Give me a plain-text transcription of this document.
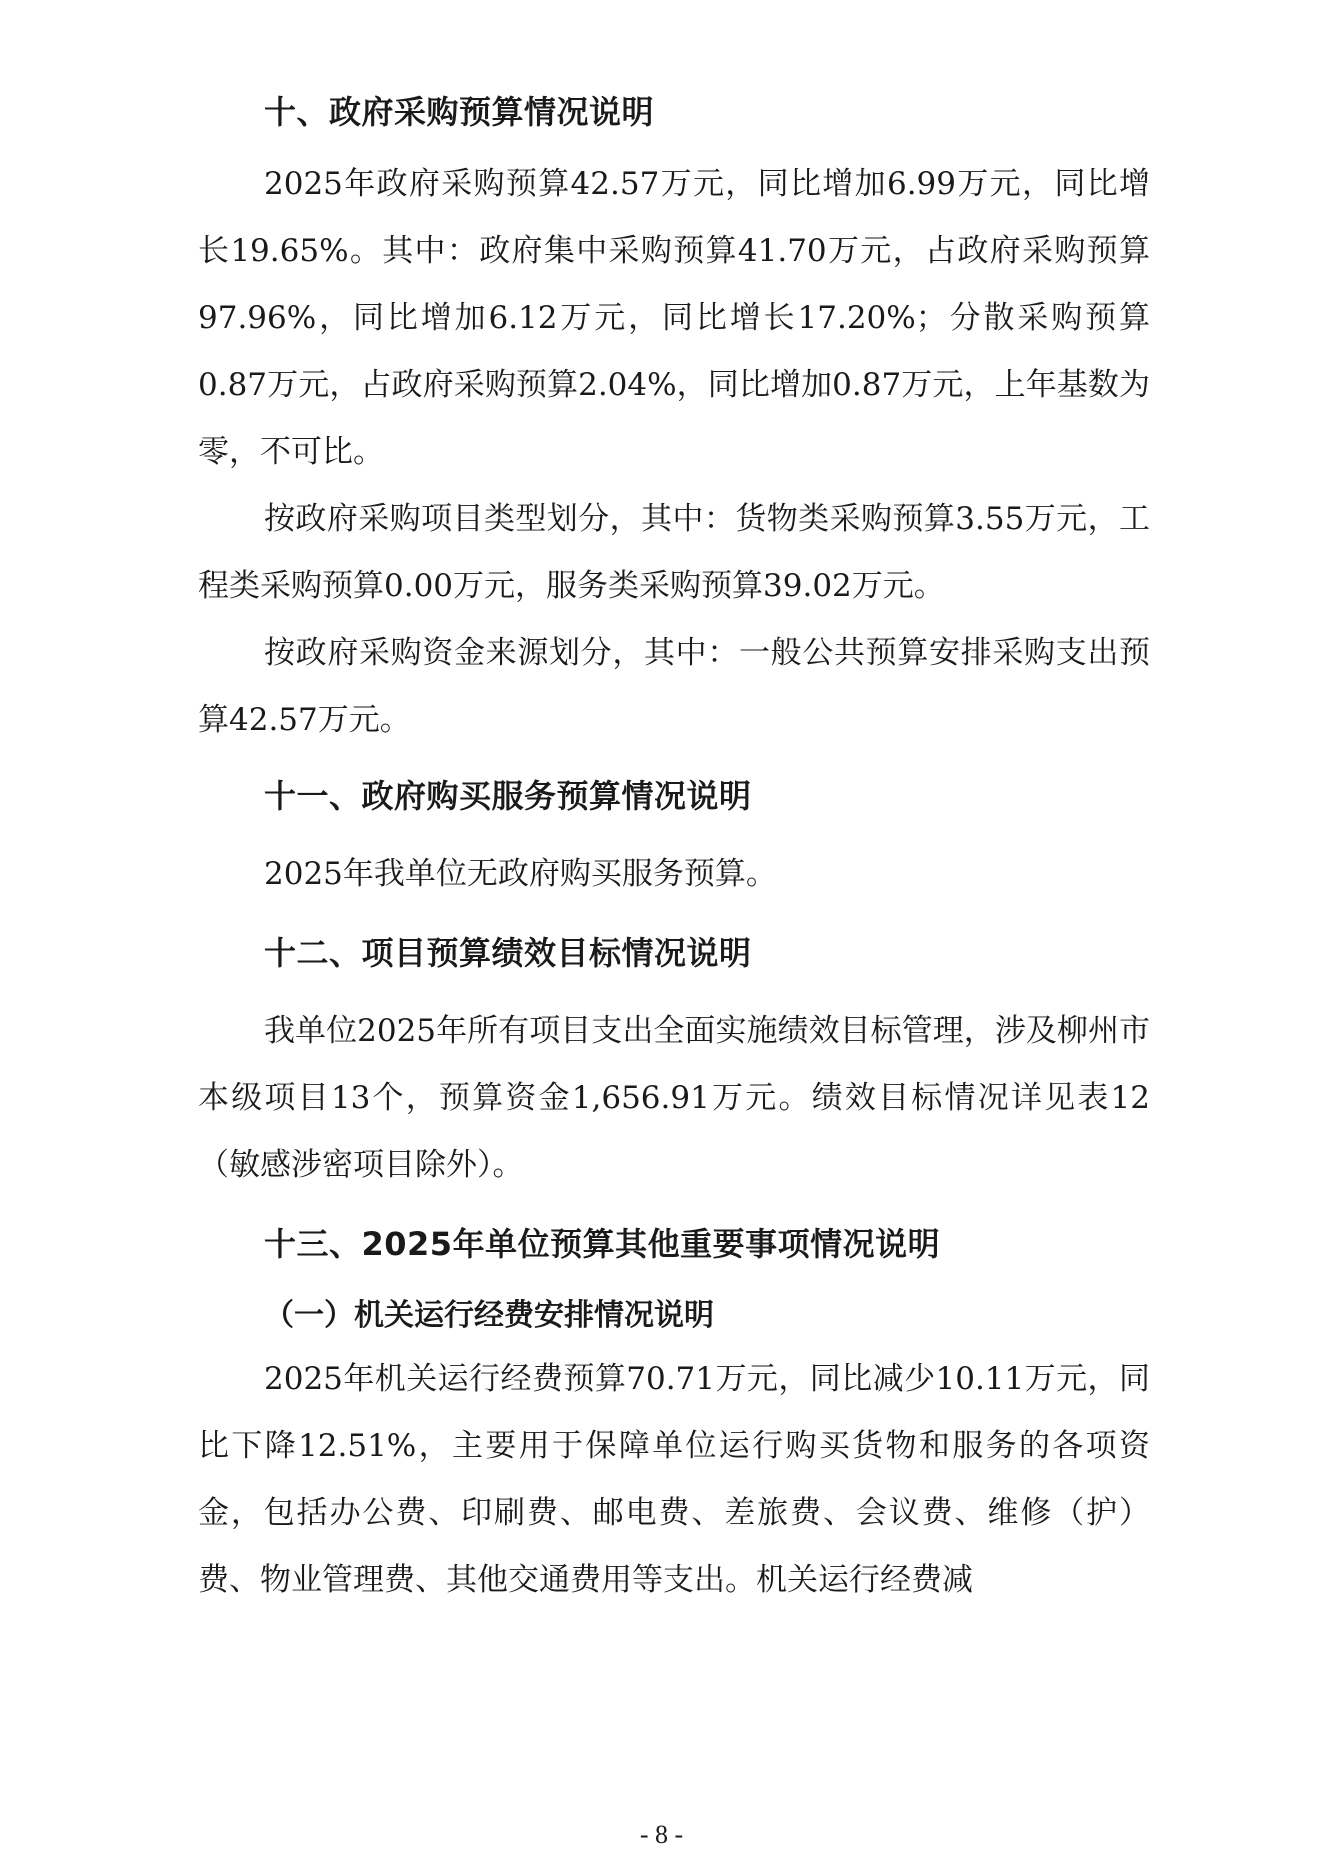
十、政府采购预算情况说明

2025年政府采购预算42.57万元，同比增加6.99万元，同比增长19.65%。其中：政府集中采购预算41.70万元，占政府采购预算97.96%，同比增加6.12万元，同比增长17.20%；分散采购预算0.87万元，占政府采购预算2.04%，同比增加0.87万元，上年基数为零，不可比。

按政府采购项目类型划分，其中：货物类采购预算3.55万元，工程类采购预算0.00万元，服务类采购预算39.02万元。

按政府采购资金来源划分，其中：一般公共预算安排采购支出预算42.57万元。

十一、政府购买服务预算情况说明

2025年我单位无政府购买服务预算。

十二、项目预算绩效目标情况说明

我单位2025年所有项目支出全面实施绩效目标管理，涉及柳州市本级项目13个，预算资金1,656.91万元。绩效目标情况详见表12（敏感涉密项目除外）。

十三、2025年单位预算其他重要事项情况说明
（一）机关运行经费安排情况说明

2025年机关运行经费预算70.71万元，同比减少10.11万元，同比下降12.51%，主要用于保障单位运行购买货物和服务的各项资金，包括办公费、印刷费、邮电费、差旅费、会议费、维修（护）费、物业管理费、其他交通费用等支出。机关运行经费减

- 8 -
